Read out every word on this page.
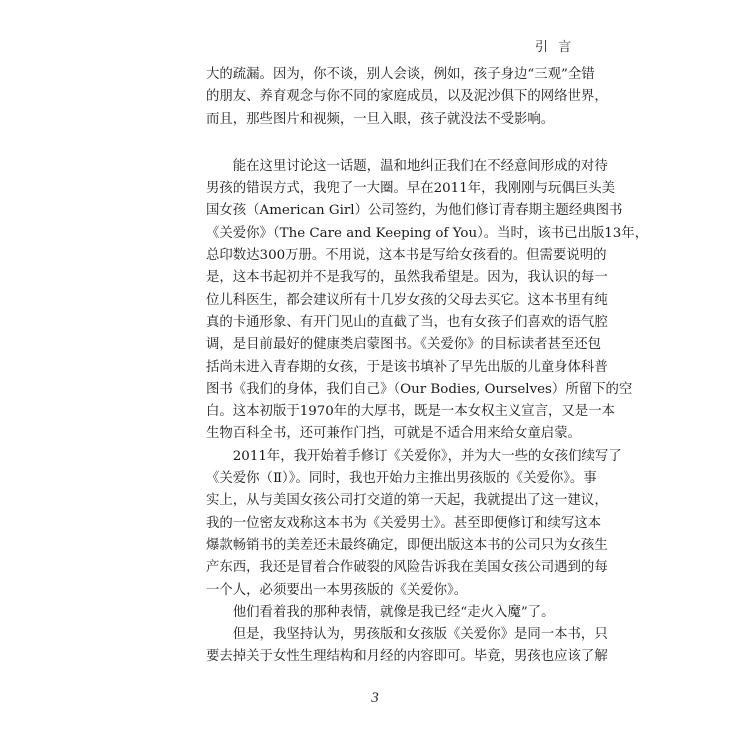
引 言
大的疏漏。因为，你不谈，别人会谈，例如，孩子身边“三观”全错
的朋友、养育观念与你不同的家庭成员，以及泥沙俱下的网络世界，
而且，那些图片和视频，一旦入眼，孩子就没法不受影响。
　　能在这里讨论这一话题，温和地纠正我们在不经意间形成的对待
男孩的错误方式，我兜了一大圈。早在2011年，我刚刚与玩偶巨头美
国女孩（American Girl）公司签约，为他们修订青春期主题经典图书
《关爱你》（The Care and Keeping of You）。当时，该书已出版13年，
总印数达300万册。不用说，这本书是写给女孩看的。但需要说明的
是，这本书起初并不是我写的，虽然我希望是。因为，我认识的每一
位儿科医生，都会建议所有十几岁女孩的父母去买它。这本书里有纯
真的卡通形象、有开门见山的直截了当，也有女孩子们喜欢的语气腔
调，是目前最好的健康类启蒙图书。《关爱你》的目标读者甚至还包
括尚未进入青春期的女孩，于是该书填补了早先出版的儿童身体科普
图书《我们的身体，我们自己》（Our Bodies, Ourselves）所留下的空
白。这本初版于1970年的大厚书，既是一本女权主义宣言，又是一本
生物百科全书，还可兼作门挡，可就是不适合用来给女童启蒙。
　　2011年，我开始着手修订《关爱你》，并为大一些的女孩们续写了
《关爱你（Ⅱ）》。同时，我也开始力主推出男孩版的《关爱你》。事
实上，从与美国女孩公司打交道的第一天起，我就提出了这一建议，
我的一位密友戏称这本书为《关爱男士》。甚至即便修订和续写这本
爆款畅销书的美差还未最终确定，即便出版这本书的公司只为女孩生
产东西，我还是冒着合作破裂的风险告诉我在美国女孩公司遇到的每
一个人，必须要出一本男孩版的《关爱你》。
　　他们看着我的那种表情，就像是我已经“走火入魔”了。
　　但是，我坚持认为，男孩版和女孩版《关爱你》是同一本书，只
要去掉关于女性生理结构和月经的内容即可。毕竟，男孩也应该了解
3
